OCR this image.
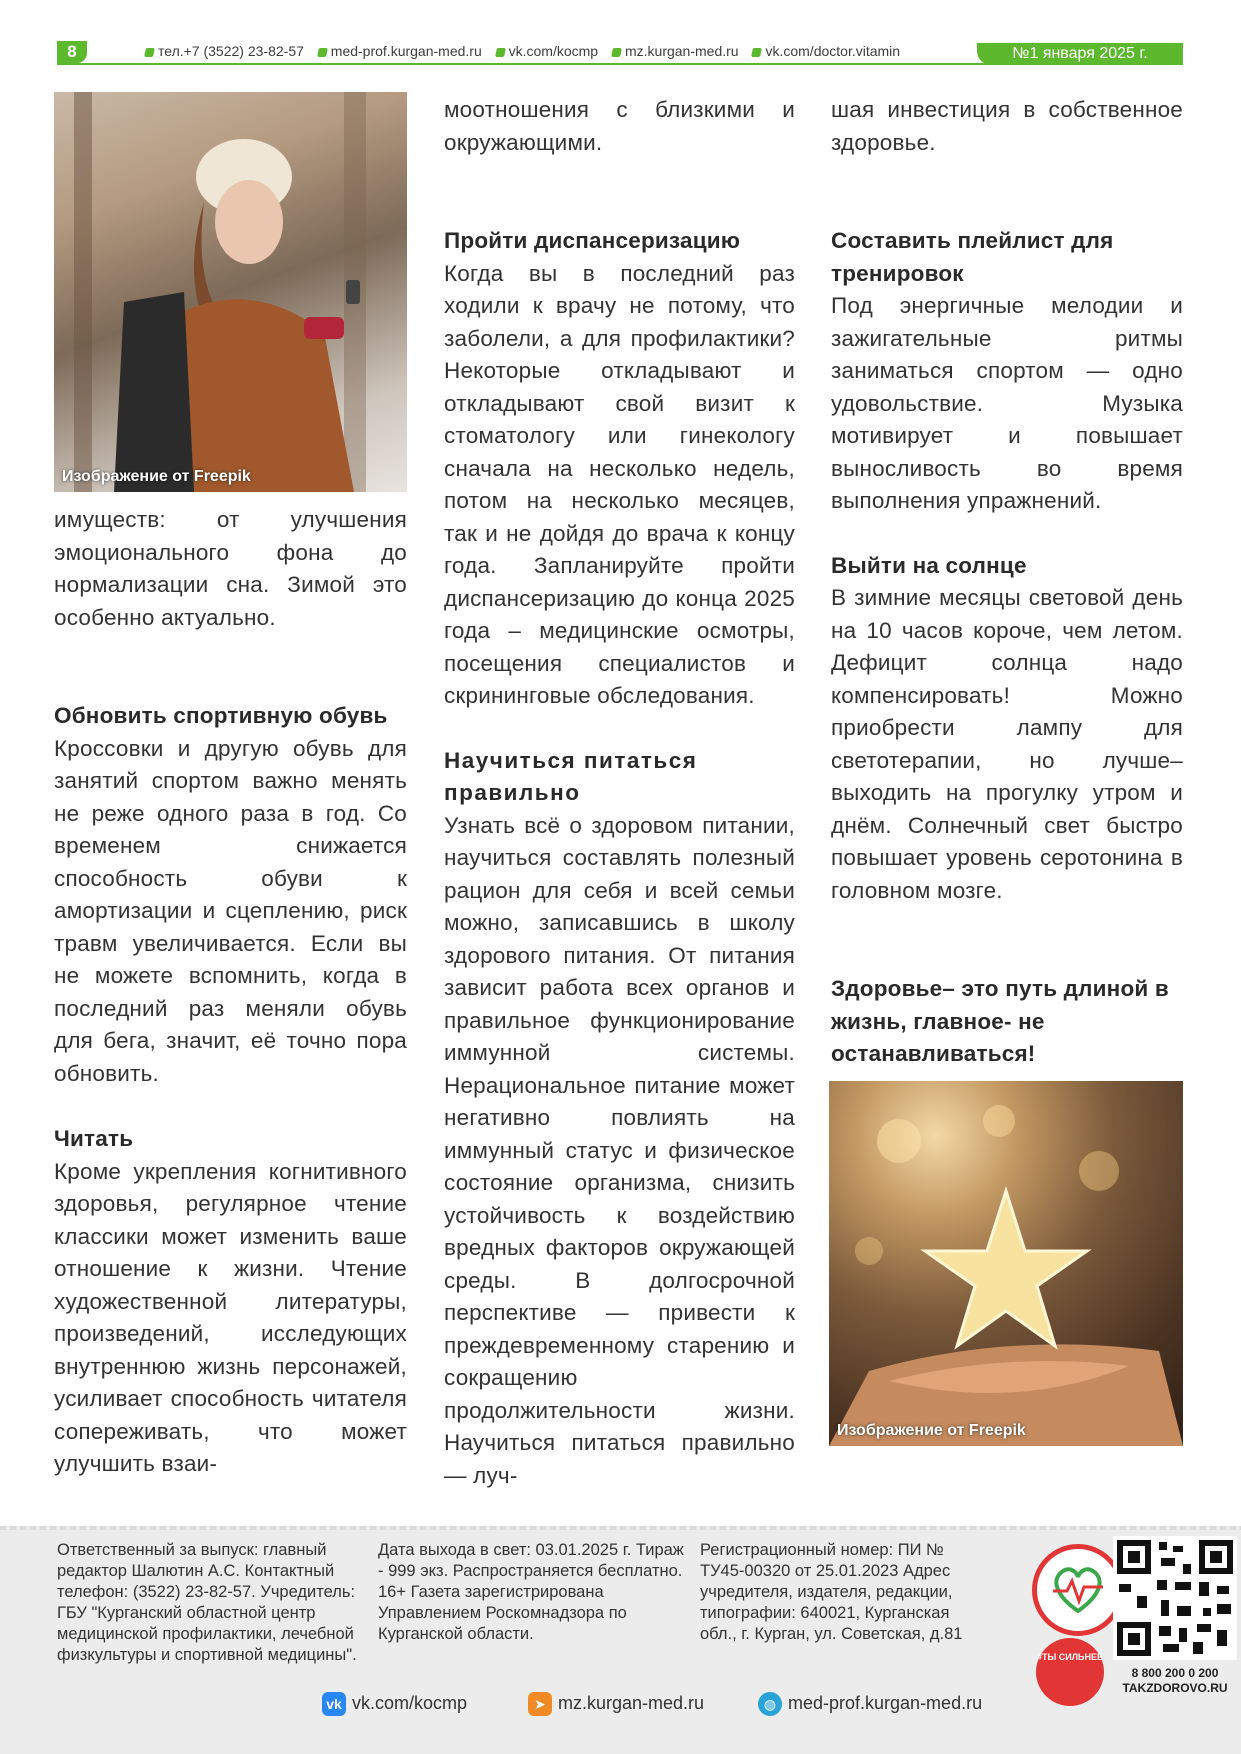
8	тел.+7 (3522) 23-82-57 med-prof.kurgan-med.ru vk.com/kocmp mz.kurgan-med.ru vk.com/doctor.vitamin	№1 января 2025 г.
Изображение от Freepik

имуществ: от улучшения эмоционального фона до нормализации сна. Зимой это особенно актуально.

Обновить спортивную обувь

Кроссовки и другую обувь для занятий спортом важно менять не реже одного раза в год. Со временем снижается способность обуви к амортизации и сцеплению, риск травм увеличивается. Если вы не можете вспомнить, когда в последний раз меняли обувь для бега, значит, её точно пора обновить.

Читать

Кроме укрепления когнитивного здоровья, регулярное чтение классики может изменить ваше отношение к жизни. Чтение художественной литературы, произведений, исследующих внутреннюю жизнь персонажей, усиливает способность читателя сопереживать, что может улучшить взаи-

моотношения с близкими и окружающими.

Пройти диспансеризацию

Когда вы в последний раз ходили к врачу не потому, что заболели, а для профилактики? Некоторые откладывают и откладывают свой визит к стоматологу или гинекологу сначала на несколько недель, потом на несколько месяцев, так и не дойдя до врача к концу года. Запланируйте пройти диспансеризацию до конца 2025 года – медицинские осмотры, посещения специалистов и скрининговые обследования.

Научиться питаться правильно

Узнать всё о здоровом питании, научиться составлять полезный рацион для себя и всей семьи можно, записавшись в школу здорового питания. От питания зависит работа всех органов и правильное функционирование иммунной системы. Нерациональное питание может негативно повлиять на иммунный статус и физическое состояние организма, снизить устойчивость к воздействию вредных факторов окружающей среды. В долгосрочной перспективе — привести к преждевременному старению и сокращению продолжительности жизни. Научиться питаться правильно — луч-

шая инвестиция в собственное здоровье.

Составить плейлист для тренировок

Под энергичные мелодии и зажигательные ритмы заниматься спортом — одно удовольствие. Музыка мотивирует и повышает выносливость во время выполнения упражнений.

Выйти на солнце

В зимние месяцы световой день на 10 часов короче, чем летом. Дефицит солнца надо компенсировать! Можно приобрести лампу для светотерапии, но лучше– выходить на прогулку утром и днём. Солнечный свет быстро повышает уровень серотонина в головном мозге.

Здоровье– это путь длиной в жизнь, главное- не останавливаться!
Изображение от Freepik
Ответственный за выпуск: главный редактор Шалютин А.С. Контактный телефон: (3522) 23-82-57. Учредитель: ГБУ "Курганский областной центр медицинской профилактики, лечебной физкультуры и спортивной медицины".
Дата выхода в свет: 03.01.2025 г. Тираж - 999 экз. Распространяется бесплатно. 16+ Газета зарегистрирована Управлением Роскомнадзора по Курганской области.
Регистрационный номер: ПИ № ТУ45-00320 от 25.01.2023 Адрес учредителя, издателя, редакции, типографии: 640021, Курганская обл., г. Курган, ул. Советская, д.81
vk vk.com/kocmp	➤ mz.kurgan-med.ru	◍ med-prof.kurgan-med.ru
#ТЫ СИЛЬНЕЕ
8 800 200 0 200
TAKZDOROVO.RU
